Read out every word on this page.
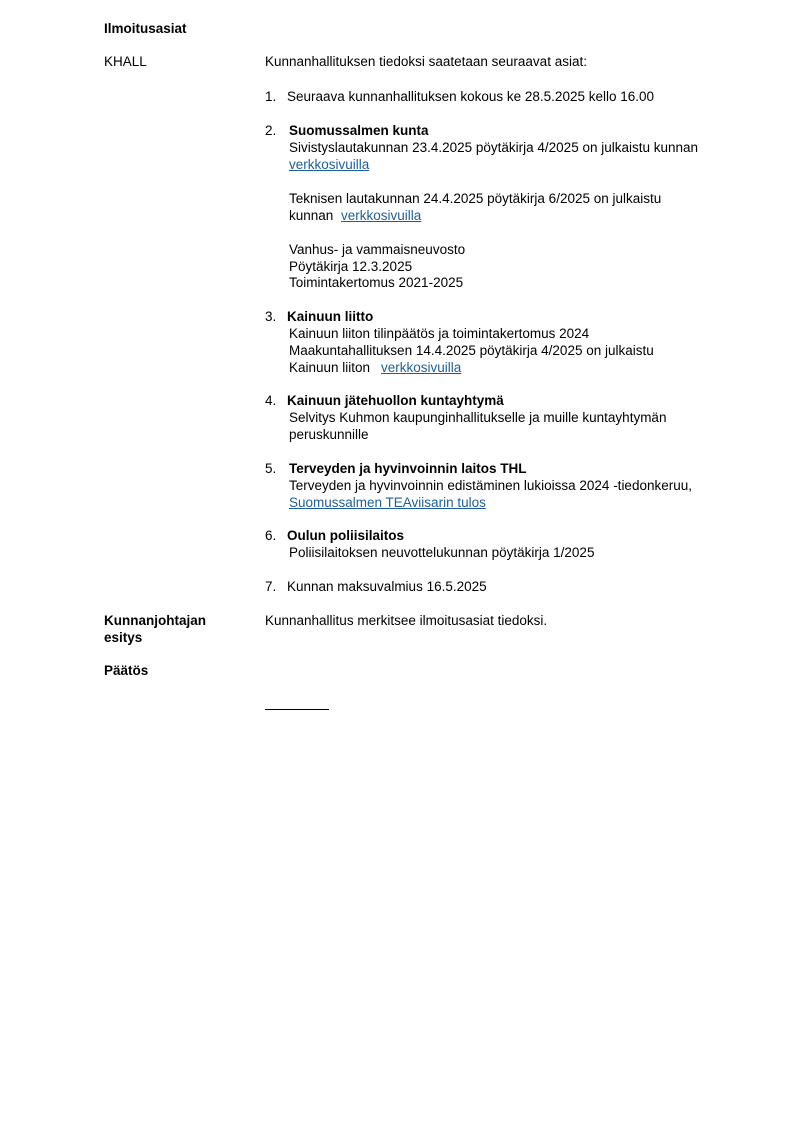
Ilmoitusasiat
KHALL	Kunnanhallituksen tiedoksi saatetaan seuraavat asiat:
1. Seuraava kunnanhallituksen kokous ke 28.5.2025 kello 16.00
2. Suomussalmen kunta
Sivistyslautakunnan 23.4.2025 pöytäkirja 4/2025 on julkaistu kunnan
verkkosivuilla
Teknisen lautakunnan 24.4.2025 pöytäkirja 6/2025 on julkaistu
kunnan verkkosivuilla
Vanhus- ja vammaisneuvosto
Pöytäkirja 12.3.2025
Toimintakertomus 2021-2025
3. Kainuun liitto
Kainuun liiton tilinpäätös ja toimintakertomus 2024
Maakuntahallituksen 14.4.2025 pöytäkirja 4/2025 on julkaistu
Kainuun liiton verkkosivuilla
4. Kainuun jätehuollon kuntayhtymä
Selvitys Kuhmon kaupunginhallitukselle ja muille kuntayhtymän
peruskunnille
5. Terveyden ja hyvinvoinnin laitos THL
Terveyden ja hyvinvoinnin edistäminen lukioissa 2024 -tiedonkeruu,
Suomussalmen TEAviisarin tulos
6. Oulun poliisilaitos
Poliisilaitoksen neuvottelukunnan pöytäkirja 1/2025
7. Kunnan maksuvalmius 16.5.2025
Kunnanjohtajan
esitys
Kunnanhallitus merkitsee ilmoitusasiat tiedoksi.
Päätös
